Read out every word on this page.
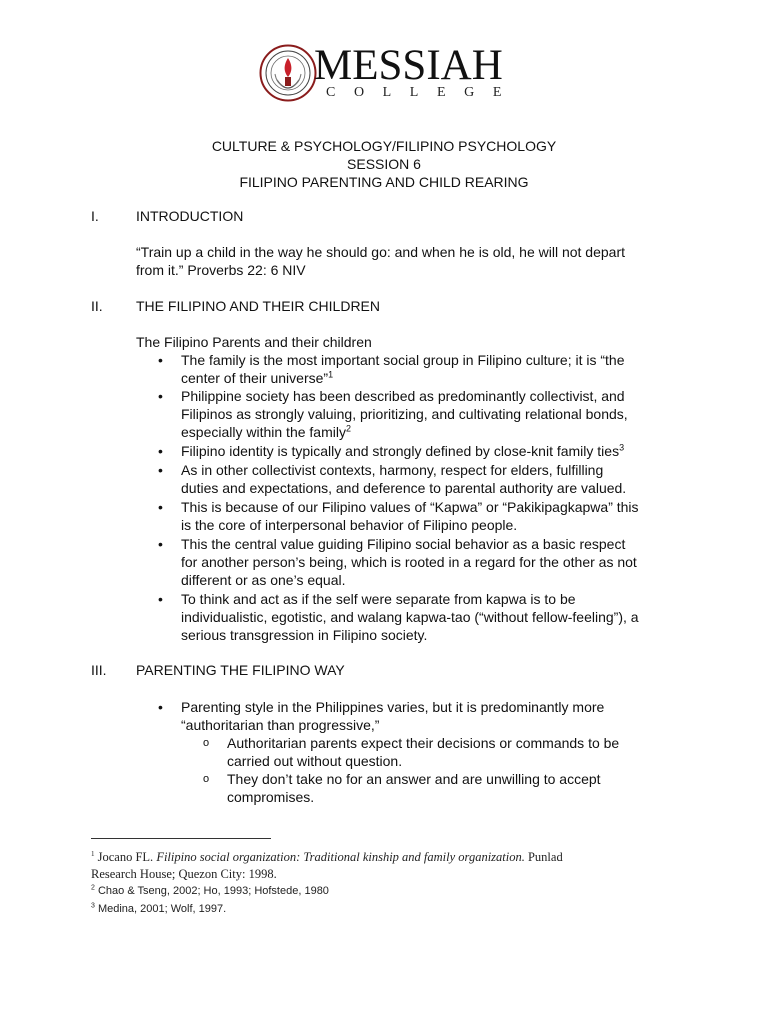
MESSIAH
COLLEGE
CULTURE & PSYCHOLOGY/FILIPINO PSYCHOLOGY
SESSION 6
FILIPINO PARENTING AND CHILD REARING
I.	INTRODUCTION
“Train up a child in the way he should go: and when he is old, he will not depart
from it.” Proverbs 22: 6 NIV
II. THE FILIPINO AND THEIR CHILDREN
The Filipino Parents and their children
• The family is the most important social group in Filipino culture; it is “the
center of their universe”$^1$
• Philippine society has been described as predominantly collectivist, and
Filipinos as strongly valuing, prioritizing, and cultivating relational bonds,
especially within the family$^2$
• Filipino identity is typically and strongly defined by close-knit family ties$^3$
• As in other collectivist contexts, harmony, respect for elders, fulfilling
duties and expectations, and deference to parental authority are valued.
• This is because of our Filipino values of “Kapwa” or “Pakikipagkapwa” this
is the core of interpersonal behavior of Filipino people.
• This the central value guiding Filipino social behavior as a basic respect
for another person’s being, which is rooted in a regard for the other as not
different or as one’s equal.
• To think and act as if the self were separate from kapwa is to be
individualistic, egotistic, and walang kapwa-tao (“without fellow-feeling”), a
serious transgression in Filipino society.
III. PARENTING THE FILIPINO WAY
• Parenting style in the Philippines varies, but it is predominantly more
“authoritarian than progressive,”
o Authoritarian parents expect their decisions or commands to be
carried out without question.
o They don’t take no for an answer and are unwilling to accept
compromises.
$^1$ Jocano FL. Filipino social organization: Traditional kinship and family organization. Punlad
Research House; Quezon City: 1998.
$^2$ Chao & Tseng, 2002; Ho, 1993; Hofstede, 1980
$^3$ Medina, 2001; Wolf, 1997.
